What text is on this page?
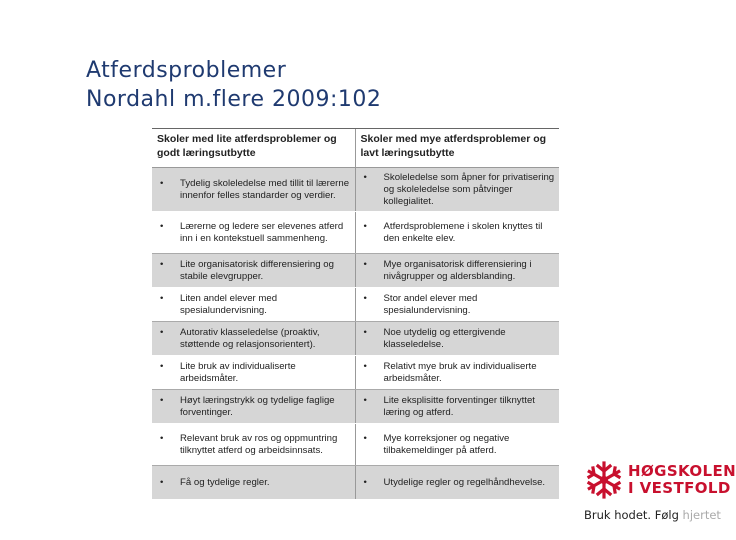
Atferdsproblemer
Nordahl m.flere 2009:102
Skoler med lite atferdsproblemer og godt læringsutbytte	Skoler med mye atferdsproblemer og lavt læringsutbytte

• Tydelig skoleledelse med tillit til lærerne innenfor felles standarder og verdier.	• Skoleledelse som åpner for privatisering og skoleledelse som påtvinger kollegialitet.

• Lærerne og ledere ser elevenes atferd inn i en kontekstuell sammenheng.	• Atferdsproblemene i skolen knyttes til den enkelte elev.

• Lite organisatorisk differensiering og stabile elevgrupper.	• Mye organisatorisk differensiering i nivågrupper og aldersblanding.

• Liten andel elever med spesialundervisning.	• Stor andel elever med spesialundervisning.

• Autorativ klasseledelse (proaktiv, støttende og relasjonsorientert).	• Noe utydelig og ettergivende klasseledelse.

• Lite bruk av individualiserte arbeidsmåter.	• Relativt mye bruk av individualiserte arbeidsmåter.

• Høyt læringstrykk og tydelige faglige forventinger.	• Lite eksplisitte forventinger tilknyttet læring og atferd.

• Relevant bruk av ros og oppmuntring tilknyttet atferd og arbeidsinnsats.	• Mye korreksjoner og negative tilbakemeldinger på atferd.

• Få og tydelige regler.	• Utydelige regler og regelhåndhevelse.
HØGSKOLEN
I VESTFOLD
Bruk hodet. Følg hjertet
